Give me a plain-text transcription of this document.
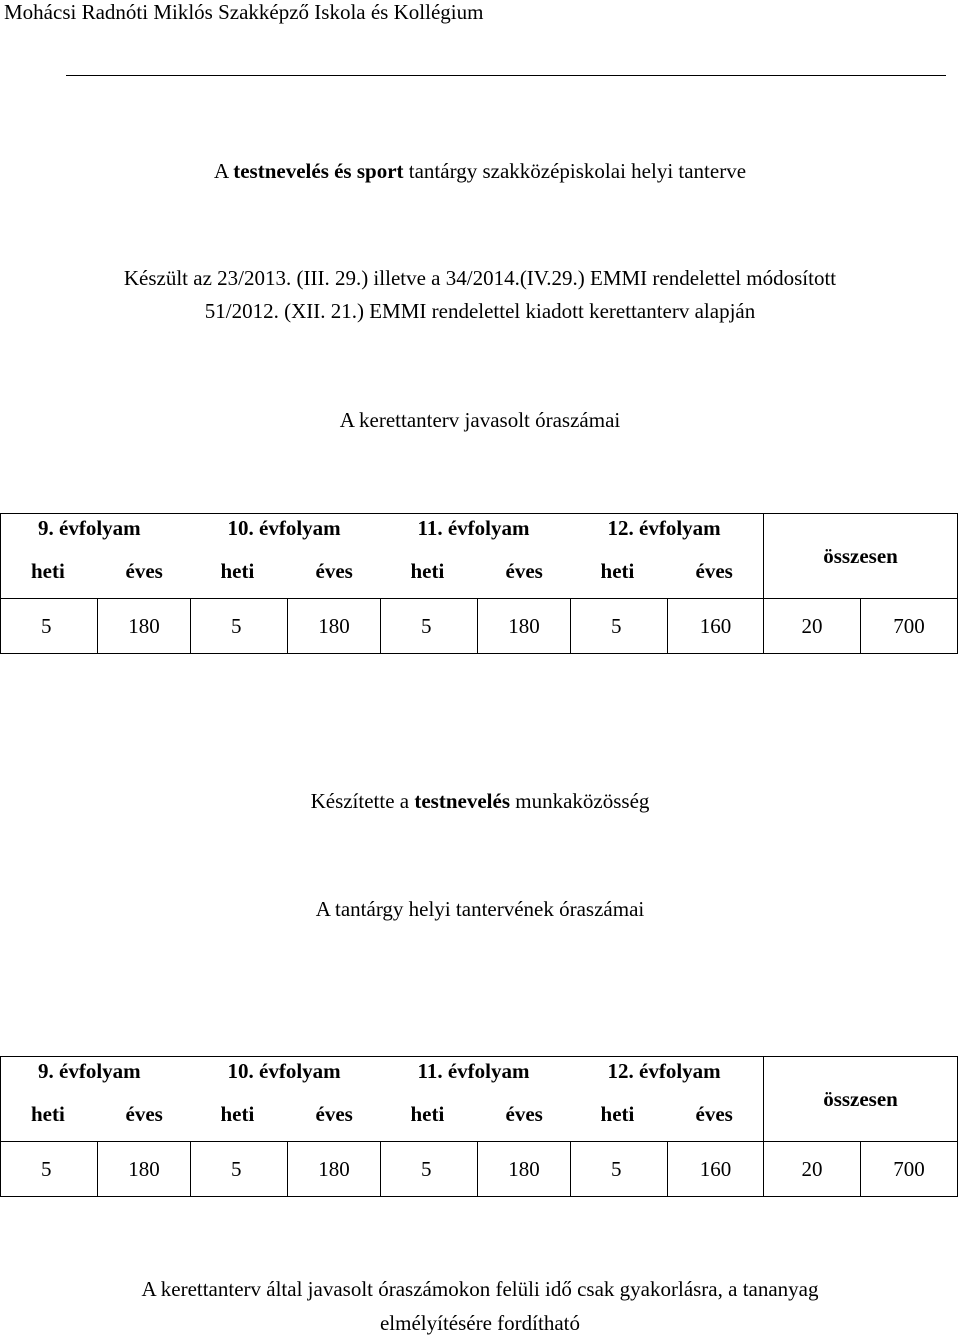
Mohácsi Radnóti Miklós Szakképző Iskola és Kollégium
A testnevelés és sport tantárgy szakközépiskolai helyi tanterve
Készült az 23/2013. (III. 29.) illetve a 34/2014.(IV.29.) EMMI rendelettel módosított
51/2012. (XII. 21.) EMMI rendelettel kiadott kerettanterv alapján
A kerettanterv javasolt óraszámai
9. évfolyam		10. évfolyam		11. évfolyam		12. évfolyam		összesen	
heti	éves	heti	éves	heti	éves	heti	éves		
5	180	5	180	5	180	5	160	20	700
Készítette a testnevelés munkaközösség
A tantárgy helyi tantervének óraszámai
9. évfolyam		10. évfolyam		11. évfolyam		12. évfolyam		összesen	
heti	éves	heti	éves	heti	éves	heti	éves		
5	180	5	180	5	180	5	160	20	700
A kerettanterv által javasolt óraszámokon felüli idő csak gyakorlásra, a tananyag
elmélyítésére fordítható
